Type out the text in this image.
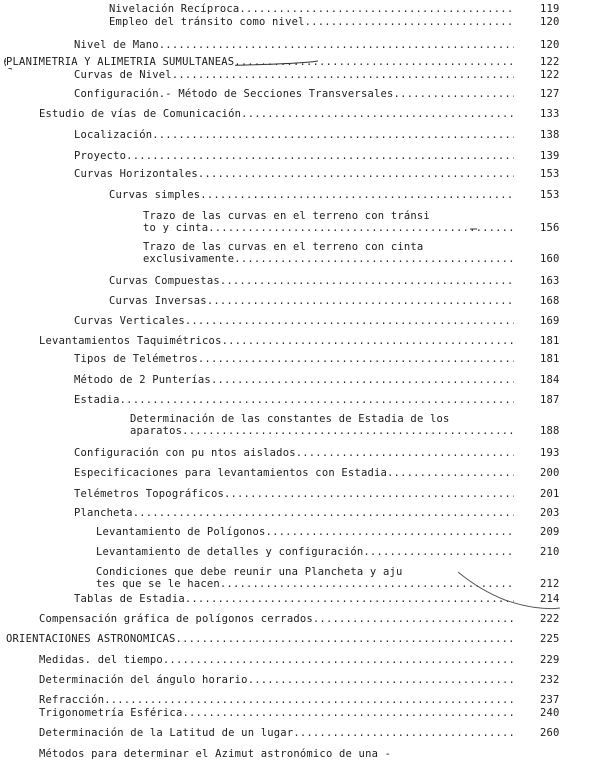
Nivelación Recíproca .....	119
Empleo del tránsito como nivel .....	120
Nivel de Mano .....	120
PLANIMETRIA Y ALIMETRIA SUMULTANEAS .....	122
Curvas de Nivel .....	122
Configuración.- Método de Secciones Transversales .....	127
Estudio de vías de Comunicación .....	133
Localización .....	138
Proyecto .....	139
Curvas Horizontales .....	153
Curvas simples .....	153
Trazo de las curvas en el terreno con tránsi
to y cinta .....	156
Trazo de las curvas en el terreno con cinta
exclusivamente .....	160
Curvas Compuestas .....	163
Curvas Inversas .....	168
Curvas Verticales .....	169
Levantamientos Taquimétricos .....	181
Tipos de Telémetros .....	181
Método de 2 Punterías .....	184
Estadia .....	187
Determinación de las constantes de Estadia de los
aparatos .....	188
Configuración con pu ntos aislados .....	193
Especificaciones para levantamientos con Estadia .....	200
Telémetros Topográficos .....	201
Plancheta .....	203
Levantamiento de Polígonos .....	209
Levantamiento de detalles y configuración .....	210
Condiciones que debe reunir una Plancheta y aju
tes que se le hacen .....	212
Tablas de Estadia .....	214
Compensación gráfica de polígonos cerrados .....	222
ORIENTACIONES ASTRONOMICAS .....	225
Medidas. del tiempo .....	229
Determinación del ángulo horario .....	232
Refracción .....	237
Trigonometría Esférica .....	240
Determinación de la Latitud de un lugar .....	260
Métodos para determinar el Azimut astronómico de una -
